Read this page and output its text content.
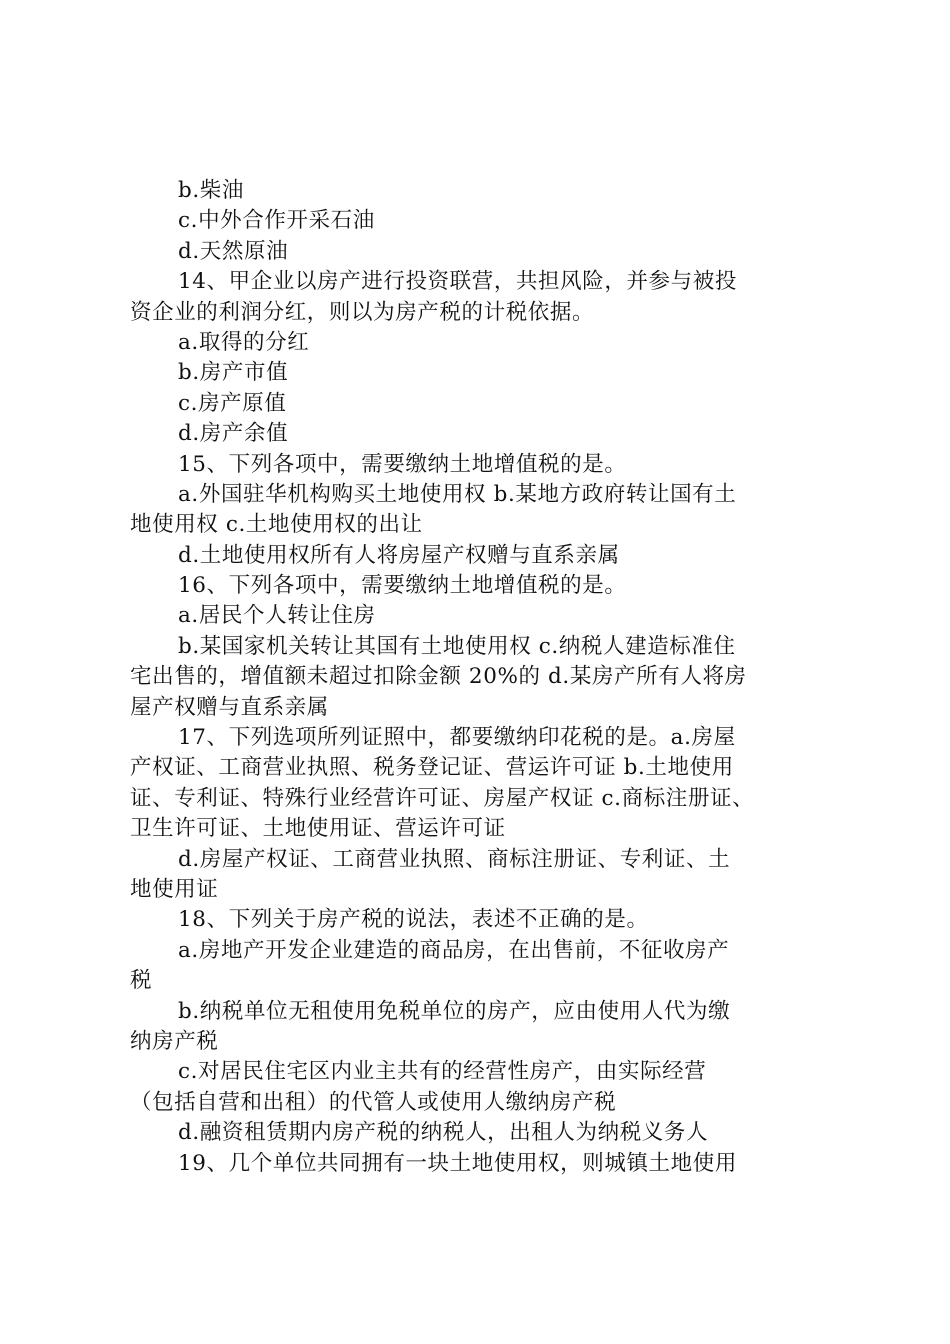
b.柴油
c.中外合作开采石油
d.天然原油
14、甲企业以房产进行投资联营，共担风险，并参与被投
资企业的利润分红，则以为房产税的计税依据。
a.取得的分红
b.房产市值
c.房产原值
d.房产余值
15、下列各项中，需要缴纳土地增值税的是。
a.外国驻华机构购买土地使用权 b.某地方政府转让国有土
地使用权 c.土地使用权的出让
d.土地使用权所有人将房屋产权赠与直系亲属
16、下列各项中，需要缴纳土地增值税的是。
a.居民个人转让住房
b.某国家机关转让其国有土地使用权 c.纳税人建造标准住
宅出售的，增值额未超过扣除金额 20%的 d.某房产所有人将房
屋产权赠与直系亲属
17、下列选项所列证照中，都要缴纳印花税的是。a.房屋
产权证、工商营业执照、税务登记证、营运许可证 b.土地使用
证、专利证、特殊行业经营许可证、房屋产权证 c.商标注册证、
卫生许可证、土地使用证、营运许可证
d.房屋产权证、工商营业执照、商标注册证、专利证、土
地使用证
18、下列关于房产税的说法，表述不正确的是。
a.房地产开发企业建造的商品房，在出售前，不征收房产
税
b.纳税单位无租使用免税单位的房产，应由使用人代为缴
纳房产税
c.对居民住宅区内业主共有的经营性房产，由实际经营
（包括自营和出租）的代管人或使用人缴纳房产税
d.融资租赁期内房产税的纳税人，出租人为纳税义务人
19、几个单位共同拥有一块土地使用权，则城镇土地使用
